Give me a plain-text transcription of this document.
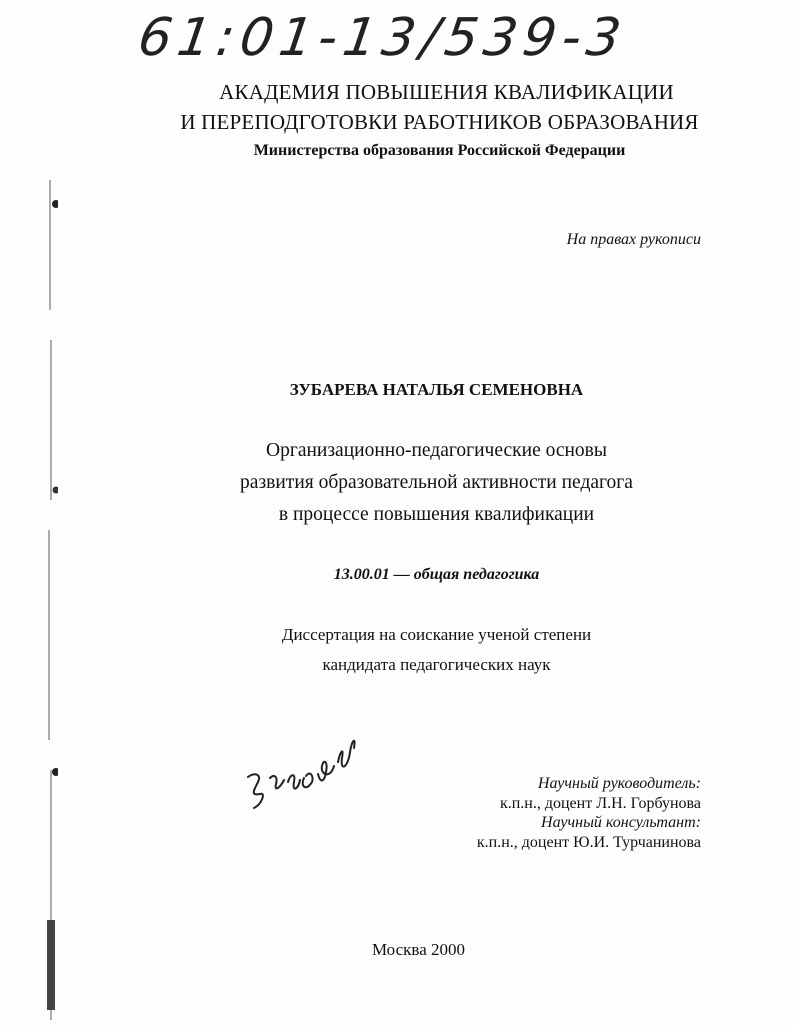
61:01-13/539-3
АКАДЕМИЯ ПОВЫШЕНИЯ КВАЛИФИКАЦИИ
И ПЕРЕПОДГОТОВКИ РАБОТНИКОВ ОБРАЗОВАНИЯ
Министерства образования Российской Федерации
На правах рукописи
ЗУБАРЕВА НАТАЛЬЯ СЕМЕНОВНА
Организационно-педагогические основы
развития образовательной активности педагога
в процессе повышения квалификации
13.00.01 — общая педагогика
Диссертация на соискание ученой степени
кандидата педагогических наук
Научный руководитель:
к.п.н., доцент Л.Н. Горбунова
Научный консультант:
к.п.н., доцент Ю.И. Турчанинова
Москва 2000
